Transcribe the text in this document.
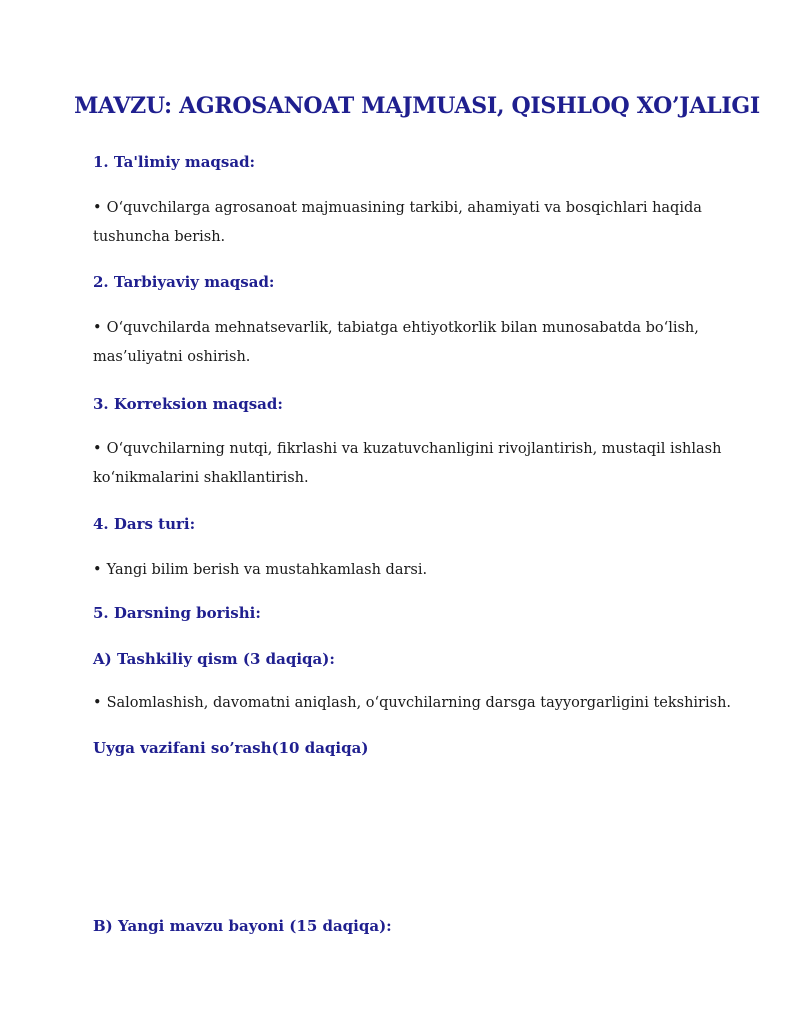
MAVZU: AGROSANOAT MAJMUASI, QISHLOQ XO’JALIGI
1. Ta'limiy maqsad:
• O‘quvchilarga agrosanoat majmuasining tarkibi, ahamiyati va bosqichlari haqida tushuncha berish.
2. Tarbiyaviy maqsad:
• O‘quvchilarda mehnatsevarlik, tabiatga ehtiyotkorlik bilan munosabatda bo‘lish, mas’uliyatni oshirish.
3. Korreksion maqsad:
• O‘quvchilarning nutqi, fikrlashi va kuzatuvchanligini rivojlantirish, mustaqil ishlash ko‘nikmalarini shakllantirish.
4. Dars turi:
• Yangi bilim berish va mustahkamlash darsi.
5. Darsning borishi:
A) Tashkiliy qism (3 daqiqa):
• Salomlashish, davomatni aniqlash, o‘quvchilarning darsga tayyorgarligini tekshirish.
Uyga vazifani so’rash(10 daqiqa)
B) Yangi mavzu bayoni (15 daqiqa):
